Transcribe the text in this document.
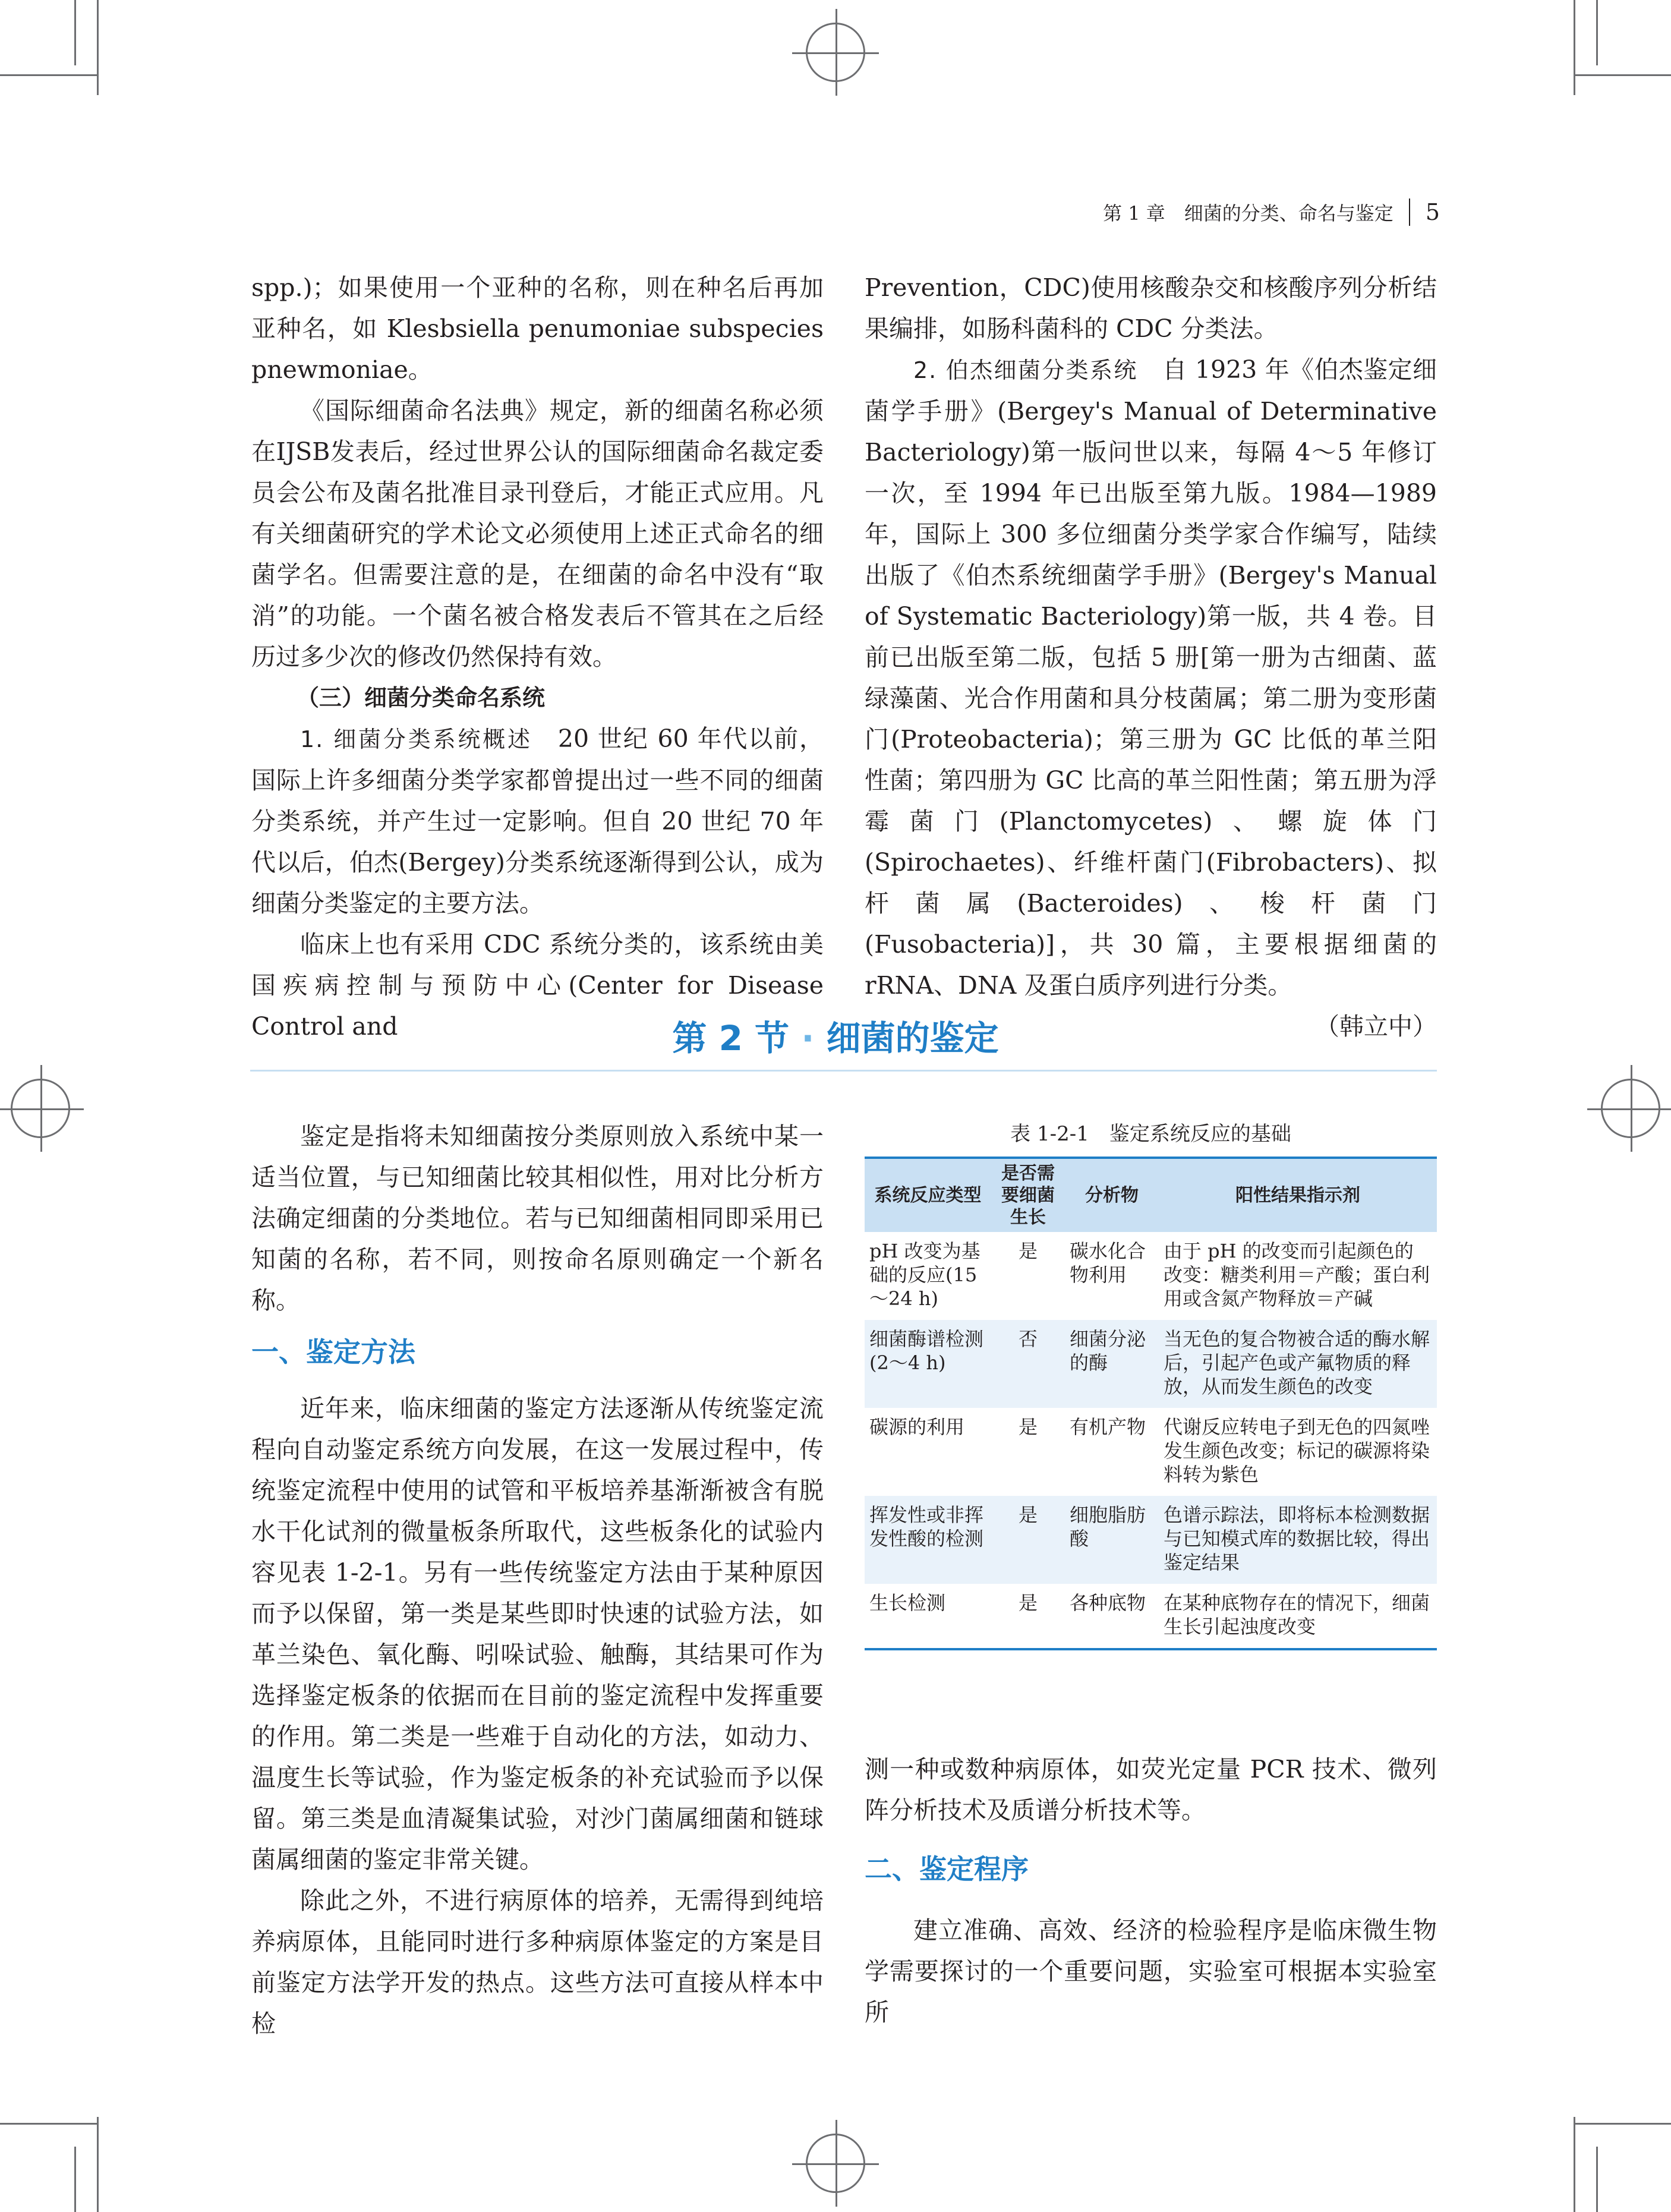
第 1 章　细菌的分类、命名与鉴定 5

spp.)；如果使用一个亚种的名称，则在种名后再加亚种名，如 Klesbsiella penumoniae subspecies pnewmoniae。

《国际细菌命名法典》规定，新的细菌名称必须在IJSB发表后，经过世界公认的国际细菌命名裁定委员会公布及菌名批准目录刊登后，才能正式应用。凡有关细菌研究的学术论文必须使用上述正式命名的细菌学名。但需要注意的是，在细菌的命名中没有“取消”的功能。一个菌名被合格发表后不管其在之后经历过多少次的修改仍然保持有效。

（三）细菌分类命名系统

1. 细菌分类系统概述　20 世纪 60 年代以前，国际上许多细菌分类学家都曾提出过一些不同的细菌分类系统，并产生过一定影响。但自 20 世纪 70 年代以后，伯杰(Bergey)分类系统逐渐得到公认，成为细菌分类鉴定的主要方法。

临床上也有采用 CDC 系统分类的，该系统由美国疾病控制与预防中心(Center for Disease Control and

Prevention，CDC)使用核酸杂交和核酸序列分析结果编排，如肠科菌科的 CDC 分类法。

2. 伯杰细菌分类系统　自 1923 年《伯杰鉴定细菌学手册》(Bergey's Manual of Determinative Bacteriology)第一版问世以来，每隔 4～5 年修订一次，至 1994 年已出版至第九版。1984—1989 年，国际上 300 多位细菌分类学家合作编写，陆续出版了《伯杰系统细菌学手册》(Bergey's Manual of Systematic Bacteriology)第一版，共 4 卷。目前已出版至第二版，包括 5 册[第一册为古细菌、蓝绿藻菌、光合作用菌和具分枝菌属；第二册为变形菌门(Proteobacteria)；第三册为 GC 比低的革兰阳性菌；第四册为 GC 比高的革兰阳性菌；第五册为浮霉菌门(Planctomycetes)、螺旋体门(Spirochaetes)、纤维杆菌门(Fibrobacters)、拟杆菌属(Bacteroides)、梭杆菌门(Fusobacteria)]，共 30 篇，主要根据细菌的 rRNA、DNA 及蛋白质序列进行分类。

（韩立中）

第 2 节 · 细菌的鉴定

鉴定是指将未知细菌按分类原则放入系统中某一适当位置，与已知细菌比较其相似性，用对比分析方法确定细菌的分类地位。若与已知细菌相同即采用已知菌的名称，若不同，则按命名原则确定一个新名称。

一、鉴定方法

近年来，临床细菌的鉴定方法逐渐从传统鉴定流程向自动鉴定系统方向发展，在这一发展过程中，传统鉴定流程中使用的试管和平板培养基渐渐被含有脱水干化试剂的微量板条所取代，这些板条化的试验内容见表 1-2-1。另有一些传统鉴定方法由于某种原因而予以保留，第一类是某些即时快速的试验方法，如革兰染色、氧化酶、吲哚试验、触酶，其结果可作为选择鉴定板条的依据而在目前的鉴定流程中发挥重要的作用。第二类是一些难于自动化的方法，如动力、温度生长等试验，作为鉴定板条的补充试验而予以保留。第三类是血清凝集试验，对沙门菌属细菌和链球菌属细菌的鉴定非常关键。

除此之外，不进行病原体的培养，无需得到纯培养病原体，且能同时进行多种病原体鉴定的方案是目前鉴定方法学开发的热点。这些方法可直接从样本中检

表 1-2-1　鉴定系统反应的基础
系统反应类型	是否需要细菌生长	分析物	阳性结果指示剂
pH 改变为基础的反应(15～24 h)	是	碳水化合物利用	由于 pH 的改变而引起颜色的改变：糖类利用＝产酸；蛋白利用或含氮产物释放＝产碱
细菌酶谱检测(2～4 h)	否	细菌分泌的酶	当无色的复合物被合适的酶水解后，引起产色或产氟物质的释放，从而发生颜色的改变
碳源的利用	是	有机产物	代谢反应转电子到无色的四氮唑发生颜色改变；标记的碳源将染料转为紫色
挥发性或非挥发性酸的检测	是	细胞脂肪酸	色谱示踪法，即将标本检测数据与已知模式库的数据比较，得出鉴定结果
生长检测	是	各种底物	在某种底物存在的情况下，细菌生长引起浊度改变

测一种或数种病原体，如荧光定量 PCR 技术、微列阵分析技术及质谱分析技术等。

二、鉴定程序

建立准确、高效、经济的检验程序是临床微生物学需要探讨的一个重要问题，实验室可根据本实验室所
